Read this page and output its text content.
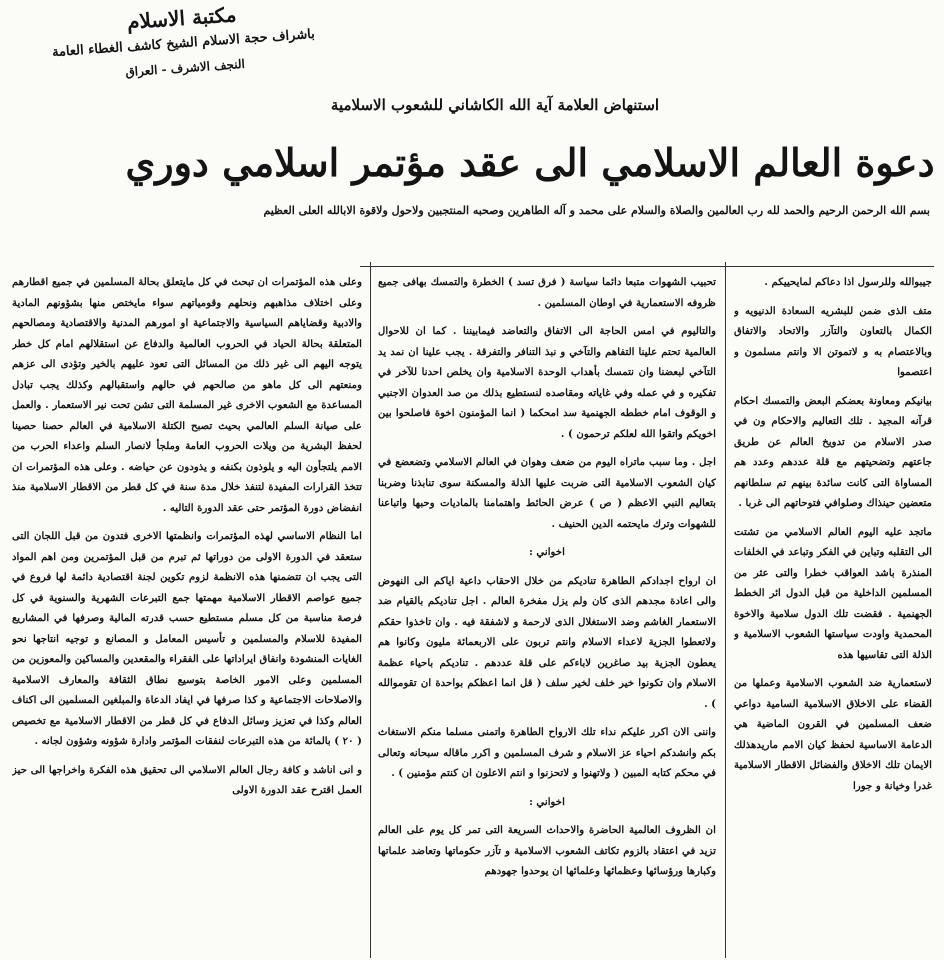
مكتبة الاسلام
باشراف حجة الاسلام الشيخ كاشف الغطاء العامة
النجف الاشرف - العراق
استنهاض العلامة آية الله الكاشاني للشعوب الاسلامية
دعوة العالم الاسلامي الى عقد مؤتمر اسلامي دوري
بسم الله الرحمن الرحيم والحمد لله رب العالمين والصلاة والسلام على محمد و آله الطاهرين وصحبه المنتجبين ولاحول ولاقوة الابالله العلى العظيم

جيبوالله وللرسول اذا دعاكم لمايحييكم .

متف الذى ضمن للبشريه السعادة الدنيويه و الكمال بالتعاون والتآزر والاتحاد والاتفاق وبالاعتصام به و لاتموتن الا وانتم مسلمون و اعتصموا

بيانيكم ومعاونة بعضكم البعض والتمسك احكام قرآنه المجيد . تلك التعاليم والاحكام ون في صدر الاسلام من تدويخ العالم عن طريق جاعتهم وتضحيتهم مع قلة عددهم وعدد هم المساواة التى كانت سائدة بينهم تم سلطانهم متعضين حينذاك وصلوافي فتوحاتهم الى غربا .

ماتجد عليه اليوم العالم الاسلامي من تشتت الى التقلبه وتباين في الفكر وتباعد في الخلفات المنذرة باشد العواقب خطرا والتى عثر من المسلمين الداخلية من قبل الدول ائر الخطط الجهنمية . فقضت تلك الدول سلامية والاخوة المحمدية واودت سياستها الشعوب الاسلامية و الذلة التى تقاسيها هذه

لاستعمارية ضد الشعوب الاسلامية وعملها من القضاء على الاخلاق الاسلامية السامية دواعي ضعف المسلمين في القرون الماضية هي الدعامة الاساسية لحفظ كيان الامم ماريدهذلك الايمان تلك الاخلاق والفضائل الاقطار الاسلامية غدرا وخيانة و جورا

تحبيب الشهوات متبعا دائما سياسة ( فرق تسد ) الخطرة والتمسك بهافى جميع ظروفه الاستعمارية في اوطان المسلمين .

والتاليوم في امس الحاجة الى الاتفاق والتعاضد فيمابيننا . كما ان للاحوال العالمية تحتم علينا التفاهم والتآخي و نبذ التنافر والتفرقة . يجب علينا ان نمد يد التآخي لبعضنا وان نتمسك بأهداب الوحدة الاسلامية وان يخلص احدنا للآخر في تفكيره و في عمله وفي غاياته ومقاصده لنستطيع بذلك من صد العدوان الاجنبي و الوقوف امام خططه الجهنمية سد امحكما ( انما المؤمنون اخوة فاصلحوا بين اخويكم واتقوا الله لعلكم ترحمون ) .

اجل . وما سبب ماتراه اليوم من ضعف وهوان في العالم الاسلامي وتضعضع في كيان الشعوب الاسلامية التى ضربت عليها الذلة والمسكنة سوى تنابذنا وضربنا بتعاليم النبي الاعظم ( ص ) عرض الحائط واهتمامنا بالماديات وحبها واتباعنا للشهوات وترك مايحتمه الدين الحنيف .

اخواني :

ان ارواح اجدادكم الطاهرة تناديكم من خلال الاحقاب داعية اياكم الى النهوض والى اعادة مجدهم الذى كان ولم يزل مفخرة العالم . اجل تناديكم بالقيام ضد الاستعمار الغاشم وضد الاستغلال الذى لارحمة و لاشفقة فيه . وان تاخذوا حقكم ولاتعطوا الجزية لاعداء الاسلام وانتم تربون على الاربعمائة مليون وكانوا هم يعطون الجزية بيد صاغرين لاباءكم على قلة عددهم . تناديكم باحياء عظمة الاسلام وان تكونوا خير خلف لخير سلف ( قل انما اعظكم بواحدة ان تقوموالله ) .

واننى الان اكرر عليكم نداء تلك الارواح الطاهرة واتمنى مسلما منكم الاستغاث بكم وانشدكم احياء عز الاسلام و شرف المسلمين و اكرر ماقاله سبحانه وتعالى في محكم كتابه المبين ( ولاتهنوا و لاتحزنوا و انتم الاعلون ان كنتم مؤمنين ) .

اخواني :

ان الظروف العالمية الحاضرة والاحداث السريعة التى تمر كل يوم على العالم تزيد في اعتقاد بالزوم تكاتف الشعوب الاسلامية و تآزر حكوماتها وتعاضد علماتها وكبارها ورؤسائها وعظمائها وعلمائها ان يوحدوا جهودهم

وعلى هذه المؤتمرات ان تبحث في كل مايتعلق بحالة المسلمين في جميع اقطارهم وعلى اختلاف مذاهبهم ونحلهم وقومياتهم سواء مايختص منها بشؤونهم المادية والادبية وقضاياهم السياسية والاجتماعية او امورهم المدنية والاقتصادية ومصالحهم المتعلقة بحالة الحياد في الحروب العالمية والدفاع عن استقلالهم امام كل خطر يتوجه اليهم الى غير ذلك من المسائل التى تعود عليهم بالخير وتؤدى الى عزهم ومنعتهم الى كل ماهو من صالحهم في حالهم واستقبالهم وكذلك يجب تبادل المساعدة مع الشعوب الاخرى غير المسلمة التى تشن تحت نير الاستعمار . والعمل على صيانة السلم العالمي بحيث تصبح الكتلة الاسلامية في العالم حصنا حصينا لحفظ البشرية من ويلات الحروب العامة وملجأ لانصار السلم واعداء الحرب من الامم يلتجأون اليه و يلوذون بكنفه و يذودون عن حياضه . وعلى هذه المؤتمرات ان تتخذ القرارات المفيدة لتنفذ خلال مدة سنة في كل قطر من الاقطار الاسلامية منذ انفضاض دورة المؤتمر حتى عقد الدورة التاليه .

اما النظام الاساسي لهذه المؤتمرات وانظمتها الاخرى فتدون من قبل اللجان التى ستعقد في الدورة الاولى من دوراتها ثم تبرم من قبل المؤتمرين ومن اهم المواد التى يجب ان تتضمنها هذه الانظمة لزوم تكوين لجنة اقتصادية دائمة لها فروع في جميع عواصم الاقطار الاسلامية مهمتها جمع التبرعات الشهرية والسنوية في كل فرصة مناسبة من كل مسلم مستطيع حسب قدرته المالية وصرفها في المشاريع المفيدة للاسلام والمسلمين و تأسيس المعامل و المصانع و توجيه انتاجها نحو الغايات المنشودة وانفاق ايراداتها على الفقراء والمقعدين والمساكين والمعوزين من المسلمين وعلى الامور الخاصة بتوسيع نطاق الثقافة والمعارف الاسلامية والاصلاحات الاجتماعية و كذا صرفها في ايفاد الدعاة والمبلغين المسلمين الى اكناف العالم وكذا في تعزيز وسائل الدفاع في كل قطر من الاقطار الاسلامية مع تخصيص ( ٢٠ ) بالمائة من هذه التبرعات لنفقات المؤتمر وادارة شؤونه وشؤون لجانه .

و انى اناشد و كافة رجال العالم الاسلامي الى تحقيق هذه الفكرة واخراجها الى حيز العمل اقترح عقد الدورة الاولى
